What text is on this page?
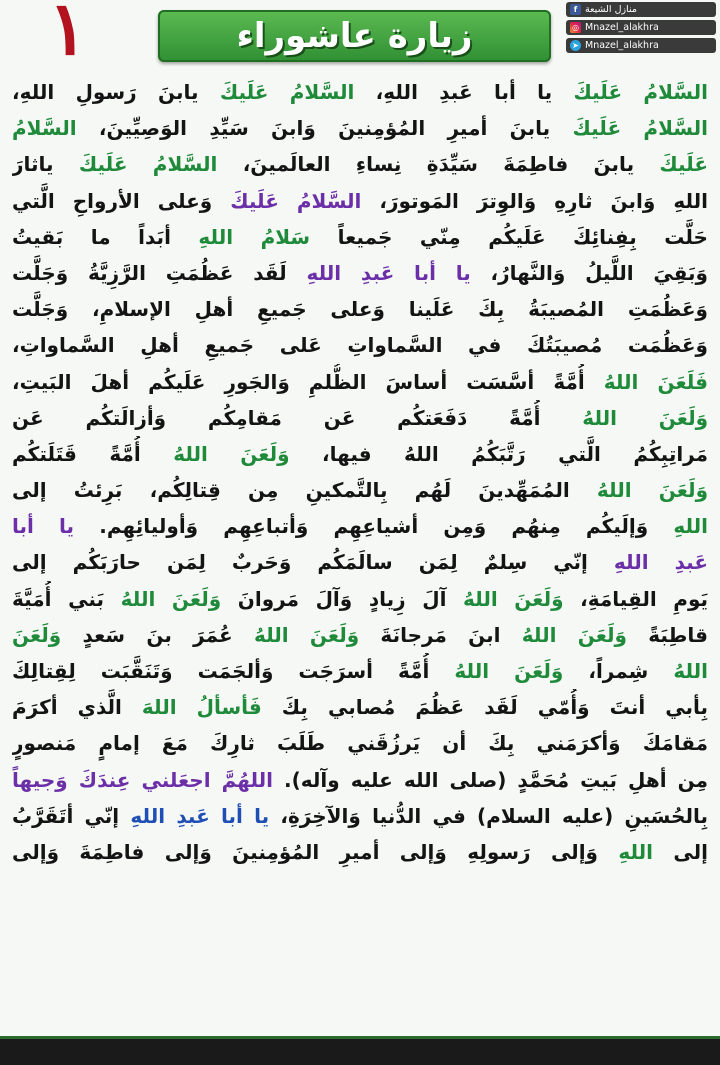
١	زيارة عاشوراء
f منازل الشيعة
◎ Mnazel_alakhra
➤ Mnazel_alakhra
السَّلامُ عَلَيكَ يا أبا عَبدِ اللهِ، السَّلامُ عَلَيكَ يابنَ رَسولِ اللهِ،
السَّلامُ عَلَيكَ يابنَ أميرِ المُؤمِنينَ وَابنَ سَيِّدِ الوَصِيِّينَ، السَّلامُ
عَلَيكَ يابنَ فاطِمَةَ سَيِّدَةِ نِساءِ العالَمينَ، السَّلامُ عَلَيكَ ياثارَ
اللهِ وَابنَ ثارِهِ وَالوِترَ المَوتورَ، السَّلامُ عَلَيكَ وَعلى الأرواحِ الَّتي
حَلَّت بِفِنائِكَ عَلَيكُم مِنّي جَميعاً سَلامُ اللهِ أبَداً ما بَقيتُ
وَبَقِيَ اللَّيلُ وَالنَّهارُ، يا أبا عَبدِ اللهِ لَقَد عَظُمَتِ الرَّزِيَّةُ وَجَلَّت
وَعَظُمَتِ المُصيبَةُ بِكَ عَلَينا وَعلى جَميعِ أهلِ الإسلامِ، وَجَلَّت
وَعَظُمَت مُصيبَتُكَ في السَّماواتِ عَلى جَميعِ أهلِ السَّماواتِ،
فَلَعَنَ اللهُ أُمَّةً أسَّسَت أساسَ الظُّلمِ وَالجَورِ عَلَيكُم أهلَ البَيتِ،
وَلَعَنَ اللهُ أُمَّةً دَفَعَتكُم عَن مَقامِكُم وَأزالَتكُم عَن
مَراتِبِكُمُ الَّتي رَتَّبَكُمُ اللهُ فيها، وَلَعَنَ اللهُ أُمَّةً قَتَلَتكُم
وَلَعَنَ اللهُ المُمَهِّدينَ لَهُم بِالتَّمكينِ مِن قِتالِكُم، بَرِئتُ إلى
اللهِ وَإلَيكُم مِنهُم وَمِن أشياعِهِم وَأتباعِهِم وَأوليائِهِم. يا أبا
عَبدِ اللهِ إنّي سِلمٌ لِمَن سالَمَكُم وَحَربٌ لِمَن حارَبَكُم إلى
يَومِ القِيامَةِ، وَلَعَنَ اللهُ آلَ زِيادٍ وَآلَ مَروانَ وَلَعَنَ اللهُ بَني أُمَيَّةَ
قاطِبَةً وَلَعَنَ اللهُ ابنَ مَرجانَةَ وَلَعَنَ اللهُ عُمَرَ بنَ سَعدٍ وَلَعَنَ
اللهُ شِمراً، وَلَعَنَ اللهُ أُمَّةً أسرَجَت وَألجَمَت وَتَنَقَّبَت لِقِتالِكَ
بِأبي أنتَ وَأُمّي لَقَد عَظُمَ مُصابي بِكَ فَأسألُ اللهَ الَّذي أكرَمَ
مَقامَكَ وَأكرَمَني بِكَ أن يَرزُقَني طَلَبَ ثارِكَ مَعَ إمامٍ مَنصورٍ
مِن أهلِ بَيتِ مُحَمَّدٍ (صلى الله عليه وآله). اللهُمَّ اجعَلني عِندَكَ وَجيهاً
بِالحُسَينِ (عليه السلام) في الدُّنيا وَالآخِرَةِ، يا أبا عَبدِ اللهِ إنّي أتَقَرَّبُ
إلى اللهِ وَإلى رَسولِهِ وَإلى أميرِ المُؤمِنينَ وَإلى فاطِمَةَ وَإلى
